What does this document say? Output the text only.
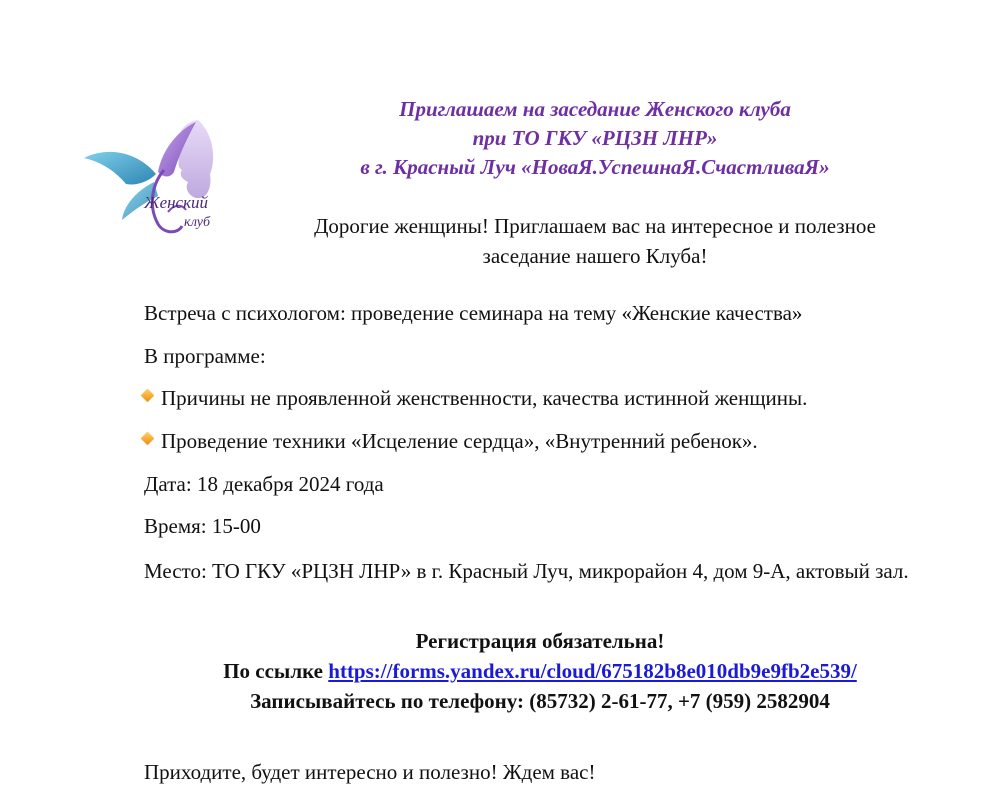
Женский
клуб
Приглашаем на заседание Женского клуба
при ТО ГКУ «РЦЗН ЛНР»
в г. Красный Луч «НоваЯ.УспешнаЯ.СчастливаЯ»
Дорогие женщины! Приглашаем вас на интересное и полезное
заседание нашего Клуба!
Встреча с психологом: проведение семинара на тему «Женские качества»
В программе:
Причины не проявленной женственности, качества истинной женщины.
Проведение техники «Исцеление сердца», «Внутренний ребенок».
Дата: 18 декабря 2024 года
Время: 15-00
Место: ТО ГКУ «РЦЗН ЛНР» в г. Красный Луч, микрорайон 4, дом 9-А, актовый зал.
Регистрация обязательна!
По ссылке https://forms.yandex.ru/cloud/675182b8e010db9e9fb2e539/
Записывайтесь по телефону: (85732) 2-61-77, +7 (959) 2582904
Приходите, будет интересно и полезно! Ждем вас!
